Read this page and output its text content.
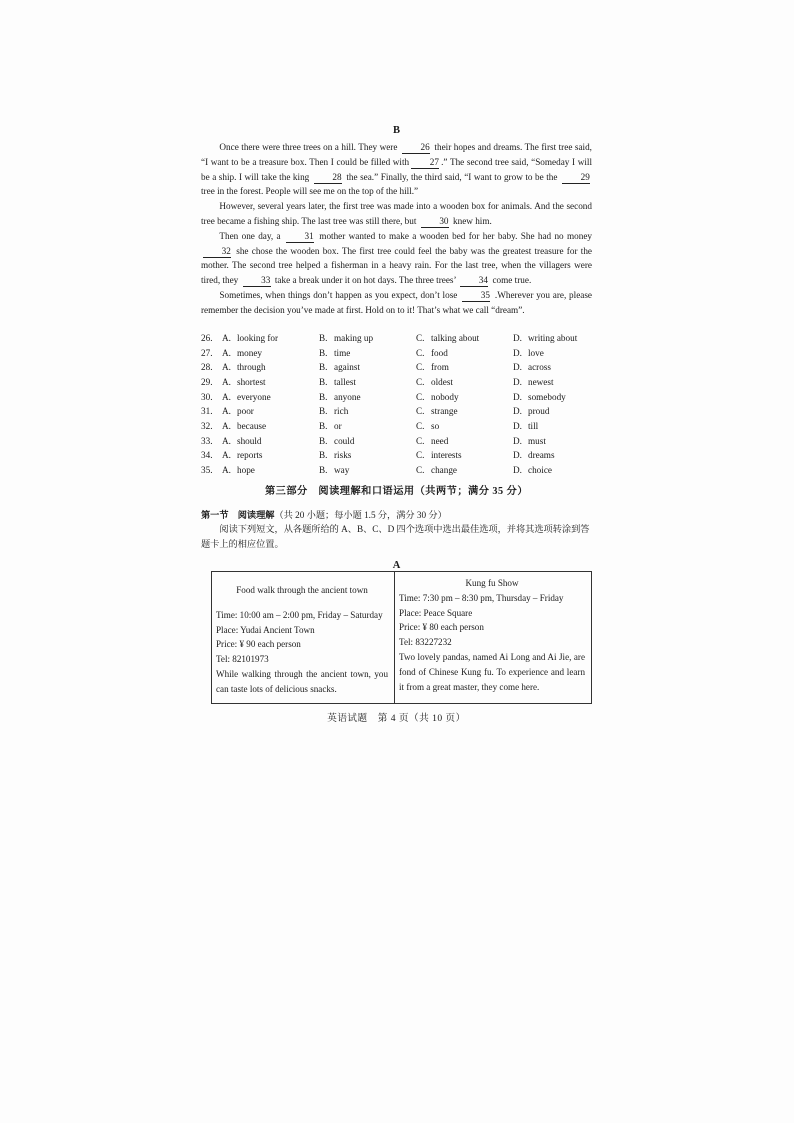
B

Once there were three trees on a hill. They were 26 their hopes and dreams. The first tree said, “I want to be a treasure box. Then I could be filled with 27 .” The second tree said, “Someday I will be a ship. I will take the king 28 the sea.” Finally, the third said, “I want to grow to be the 29 tree in the forest. People will see me on the top of the hill.”

However, several years later, the first tree was made into a wooden box for animals. And the second tree became a fishing ship. The last tree was still there, but 30 knew him.

Then one day, a 31 mother wanted to make a wooden bed for her baby. She had no money 32 she chose the wooden box. The first tree could feel the baby was the greatest treasure for the mother. The second tree helped a fisherman in a heavy rain. For the last tree, when the villagers were tired, they 33 take a break under it on hot days. The three trees’ 34 come true.

Sometimes, when things don’t happen as you expect, don’t lose 35 .Wherever you are, please remember the decision you’ve made at first. Hold on to it! That’s what we call “dream”.

26.	A. looking for	B. making up	C. talking about	D. writing about
27.	A. money	B. time	C. food	D. love
28.	A. through	B. against	C. from	D. across
29.	A. shortest	B. tallest	C. oldest	D. newest
30.	A. everyone	B. anyone	C. nobody	D. somebody
31.	A. poor	B. rich	C. strange	D. proud
32.	A. because	B. or	C. so	D. till
33.	A. should	B. could	C. need	D. must
34.	A. reports	B. risks	C. interests	D. dreams
35.	A. hope	B. way	C. change	D. choice
第三部分　阅读理解和口语运用（共两节；满分 35 分）
第一节　阅读理解（共 20 小题；每小题 1.5 分，满分 30 分）
阅读下列短文，从各题所给的 A、B、C、D 四个选项中选出最佳选项，并将其选项转涂到答题卡上的相应位置。
A
Food walk through the ancient town
Time: 10:00 am – 2:00 pm, Friday – Saturday
Place: Yudai Ancient Town
Price: ¥ 90 each person
Tel: 82101973
While walking through the ancient town, you can taste lots of delicious snacks.
Kung fu Show
Time: 7:30 pm – 8:30 pm, Thursday – Friday
Place: Peace Square
Price: ¥ 80 each person
Tel: 83227232
Two lovely pandas, named Ai Long and Ai Jie, are fond of Chinese Kung fu. To experience and learn it from a great master, they come here.
英语试题　第 4 页（共 10 页）
